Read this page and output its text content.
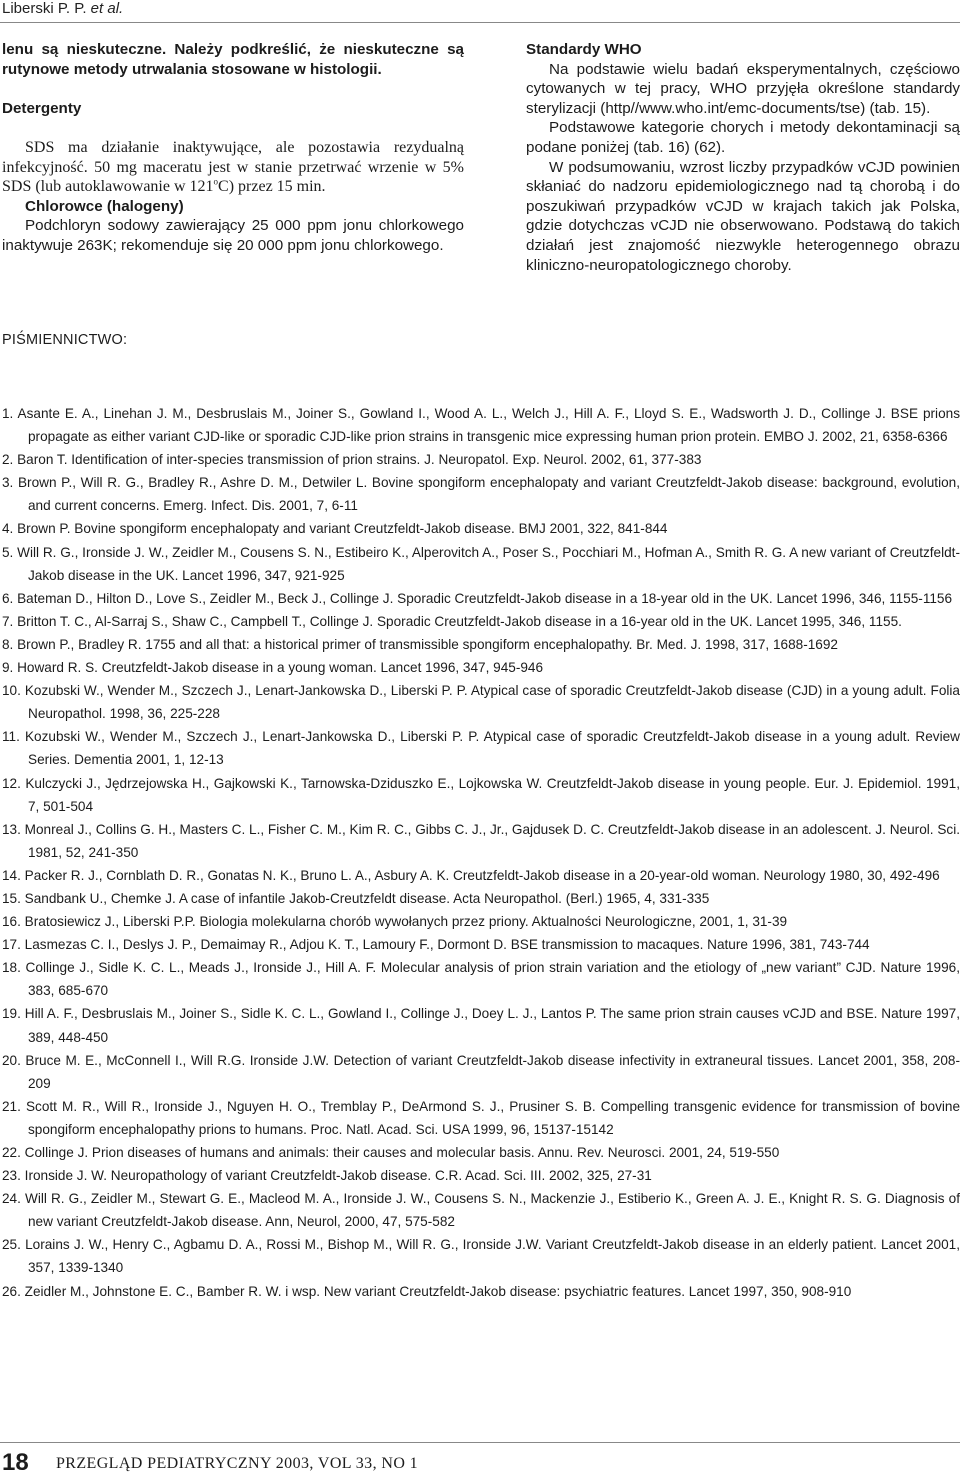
Liberski P. P. et al.

lenu są nieskuteczne. Należy podkreślić, że nieskuteczne są rutynowe metody utrwalania stosowane w histologii.

Detergenty

SDS ma działanie inaktywujące, ale pozostawia rezydualną infekcyjność. 50 mg maceratu jest w stanie przetrwać wrzenie w 5% SDS (lub autoklawowanie w 121$^o$C) przez 15 min.

Chlorowce (halogeny)

Podchloryn sodowy zawierający 25 000 ppm jonu chlorkowego inaktywuje 263K; rekomenduje się 20 000 ppm jonu chlorkowego.

Standardy WHO

Na podstawie wielu badań eksperymentalnych, częściowo cytowanych w tej pracy, WHO przyjęła określone standardy sterylizacji (http//www.who.int/emc-documents/tse) (tab. 15).

Podstawowe kategorie chorych i metody dekontaminacji są podane poniżej (tab. 16) (62).

W podsumowaniu, wzrost liczby przypadków vCJD powinien skłaniać do nadzoru epidemiologicznego nad tą chorobą i do poszukiwań przypadków vCJD w krajach takich jak Polska, gdzie dotychczas vCJD nie obserwowano. Podstawą do takich działań jest znajomość niezwykle heterogennego obrazu kliniczno-neuropatologicznego choroby.

PIŚMIENNICTWO:
1. Asante E. A., Linehan J. M., Desbruslais M., Joiner S., Gowland I., Wood A. L., Welch J., Hill A. F., Lloyd S. E., Wadsworth J. D., Collinge J. BSE prions propagate as either variant CJD-like or sporadic CJD-like prion strains in transgenic mice expressing human prion protein. EMBO J. 2002, 21, 6358-6366
2. Baron T. Identification of inter-species transmission of prion strains. J. Neuropatol. Exp. Neurol. 2002, 61, 377-383
3. Brown P., Will R. G., Bradley R., Ashre D. M., Detwiler L. Bovine spongiform encephalopaty and variant Creutzfeldt-Jakob disease: background, evolution, and current concerns. Emerg. Infect. Dis. 2001, 7, 6-11
4. Brown P. Bovine spongiform encephalopaty and variant Creutzfeldt-Jakob disease. BMJ 2001, 322, 841-844
5. Will R. G., Ironside J. W., Zeidler M., Cousens S. N., Estibeiro K., Alperovitch A., Poser S., Pocchiari M., Hofman A., Smith R. G. A new variant of Creutzfeldt-Jakob disease in the UK. Lancet 1996, 347, 921-925
6. Bateman D., Hilton D., Love S., Zeidler M., Beck J., Collinge J. Sporadic Creutzfeldt-Jakob disease in a 18-year old in the UK. Lancet 1996, 346, 1155-1156
7. Britton T. C., Al-Sarraj S., Shaw C., Campbell T., Collinge J. Sporadic Creutzfeldt-Jakob disease in a 16-year old in the UK. Lancet 1995, 346, 1155.
8. Brown P., Bradley R. 1755 and all that: a historical primer of transmissible spongiform encephalopathy. Br. Med. J. 1998, 317, 1688-1692
9. Howard R. S. Creutzfeldt-Jakob disease in a young woman. Lancet 1996, 347, 945-946
10. Kozubski W., Wender M., Szczech J., Lenart-Jankowska D., Liberski P. P. Atypical case of sporadic Creutzfeldt-Jakob disease (CJD) in a young adult. Folia Neuropathol. 1998, 36, 225-228
11. Kozubski W., Wender M., Szczech J., Lenart-Jankowska D., Liberski P. P. Atypical case of sporadic Creutzfeldt-Jakob disease in a young adult. Review Series. Dementia 2001, 1, 12-13
12. Kulczycki J., Jędrzejowska H., Gajkowski K., Tarnowska-Dziduszko E., Lojkowska W. Creutzfeldt-Jakob disease in young people. Eur. J. Epidemiol. 1991, 7, 501-504
13. Monreal J., Collins G. H., Masters C. L., Fisher C. M., Kim R. C., Gibbs C. J., Jr., Gajdusek D. C. Creutzfeldt-Jakob disease in an adolescent. J. Neurol. Sci. 1981, 52, 241-350
14. Packer R. J., Cornblath D. R., Gonatas N. K., Bruno L. A., Asbury A. K. Creutzfeldt-Jakob disease in a 20-year-old woman. Neurology 1980, 30, 492-496
15. Sandbank U., Chemke J. A case of infantile Jakob-Creutzfeldt disease. Acta Neuropathol. (Berl.) 1965, 4, 331-335
16. Bratosiewicz J., Liberski P.P. Biologia molekularna chorób wywołanych przez priony. Aktualności Neurologiczne, 2001, 1, 31-39
17. Lasmezas C. I., Deslys J. P., Demaimay R., Adjou K. T., Lamoury F., Dormont D. BSE transmission to macaques. Nature 1996, 381, 743-744
18. Collinge J., Sidle K. C. L., Meads J., Ironside J., Hill A. F. Molecular analysis of prion strain variation and the etiology of „new variant” CJD. Nature 1996, 383, 685-670
19. Hill A. F., Desbruslais M., Joiner S., Sidle K. C. L., Gowland I., Collinge J., Doey L. J., Lantos P. The same prion strain causes vCJD and BSE. Nature 1997, 389, 448-450
20. Bruce M. E., McConnell I., Will R.G. Ironside J.W. Detection of variant Creutzfeldt-Jakob disease infectivity in extraneural tissues. Lancet 2001, 358, 208-209
21. Scott M. R., Will R., Ironside J., Nguyen H. O., Tremblay P., DeArmond S. J., Prusiner S. B. Compelling transgenic evidence for transmission of bovine spongiform encephalopathy prions to humans. Proc. Natl. Acad. Sci. USA 1999, 96, 15137-15142
22. Collinge J. Prion diseases of humans and animals: their causes and molecular basis. Annu. Rev. Neurosci. 2001, 24, 519-550
23. Ironside J. W. Neuropathology of variant Creutzfeldt-Jakob disease. C.R. Acad. Sci. III. 2002, 325, 27-31
24. Will R. G., Zeidler M., Stewart G. E., Macleod M. A., Ironside J. W., Cousens S. N., Mackenzie J., Estiberio K., Green A. J. E., Knight R. S. G. Diagnosis of new variant Creutzfeldt-Jakob disease. Ann, Neurol, 2000, 47, 575-582
25. Lorains J. W., Henry C., Agbamu D. A., Rossi M., Bishop M., Will R. G., Ironside J.W. Variant Creutzfeldt-Jakob disease in an elderly patient. Lancet 2001, 357, 1339-1340
26. Zeidler M., Johnstone E. C., Bamber R. W. i wsp. New variant Creutzfeldt-Jakob disease: psychiatric features. Lancet 1997, 350, 908-910
18 PRZEGLĄD PEDIATRYCZNY 2003, VOL 33, NO 1
